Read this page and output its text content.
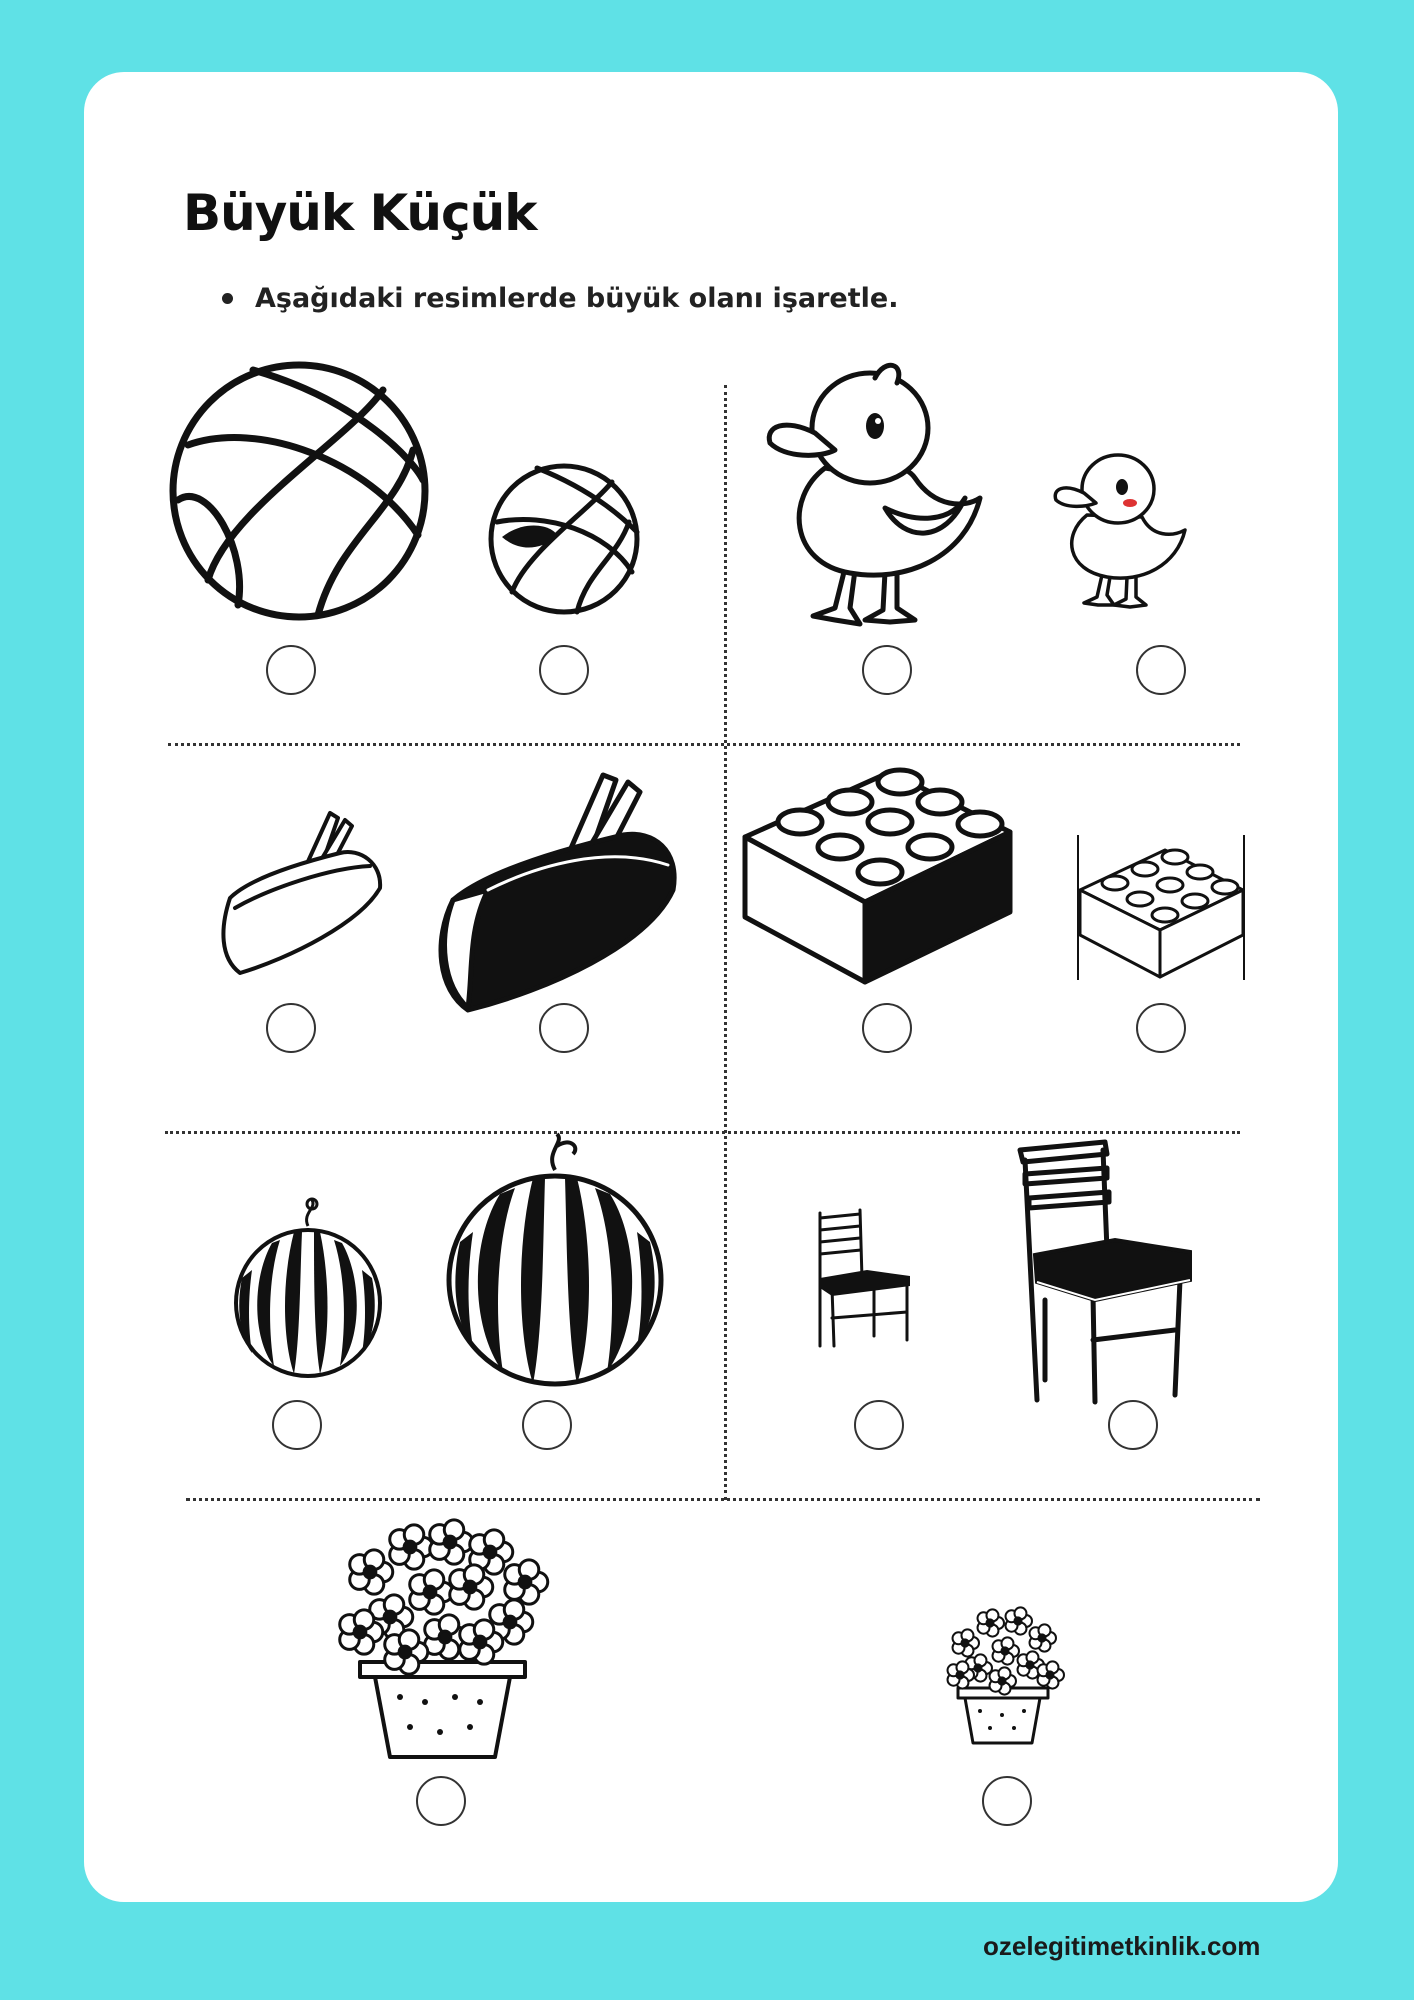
Büyük Küçük
Aşağıdaki resimlerde büyük olanı işaretle.
ozelegitimetkinlik.com
